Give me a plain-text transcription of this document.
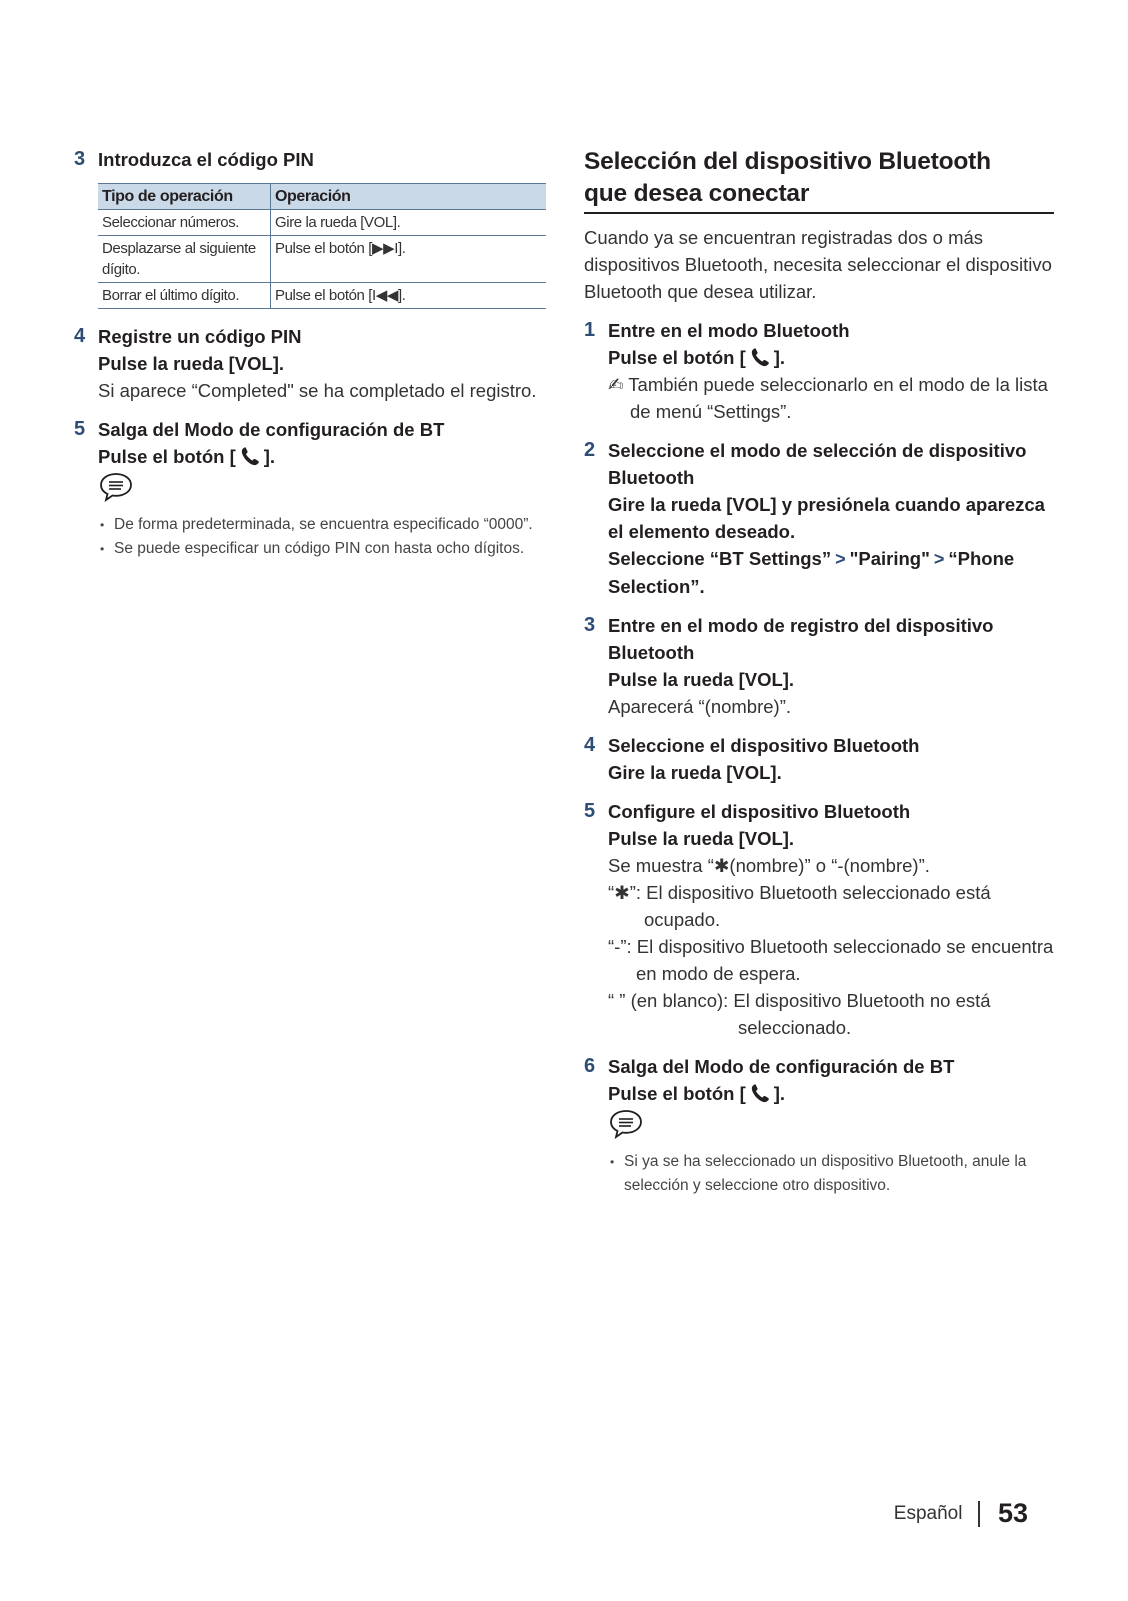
3 Introduzca el código PIN
Tipo de operación	Operación
Seleccionar números.	Gire la rueda [VOL].
Desplazarse al siguiente dígito.	Pulse el botón [▶▶I].
Borrar el último dígito.	Pulse el botón [I◀◀].
4 Registre un código PIN
Pulse la rueda [VOL].
Si aparece “Completed" se ha completado el registro.
5 Salga del Modo de configuración de BT
Pulse el botón [ ].
• De forma predeterminada, se encuentra especificado “0000”.
• Se puede especificar un código PIN con hasta ocho dígitos.
Selección del dispositivo Bluetooth
que desea conectar

Cuando ya se encuentran registradas dos o más dispositivos Bluetooth, necesita seleccionar el dispositivo Bluetooth que desea utilizar.

1 Entre en el modo Bluetooth
Pulse el botón [ ].
✍ También puede seleccionarlo en el modo de la lista de menú “Settings”.
2 Seleccione el modo de selección de dispositivo Bluetooth
Gire la rueda [VOL] y presiónela cuando aparezca el elemento deseado.
Seleccione “BT Settings” > "Pairing" > “Phone Selection”.
3 Entre en el modo de registro del dispositivo Bluetooth
Pulse la rueda [VOL].
Aparecerá “(nombre)”.
4 Seleccione el dispositivo Bluetooth
Gire la rueda [VOL].
5 Configure el dispositivo Bluetooth
Pulse la rueda [VOL].
Se muestra “✱(nombre)” o “-(nombre)”.
“✱”: El dispositivo Bluetooth seleccionado está ocupado.
“-”: El dispositivo Bluetooth seleccionado se encuentra en modo de espera.
“ ” (en blanco): El dispositivo Bluetooth no está seleccionado.
6 Salga del Modo de configuración de BT
Pulse el botón [ ].
• Si ya se ha seleccionado un dispositivo Bluetooth, anule la selección y seleccione otro dispositivo.
Español 53
